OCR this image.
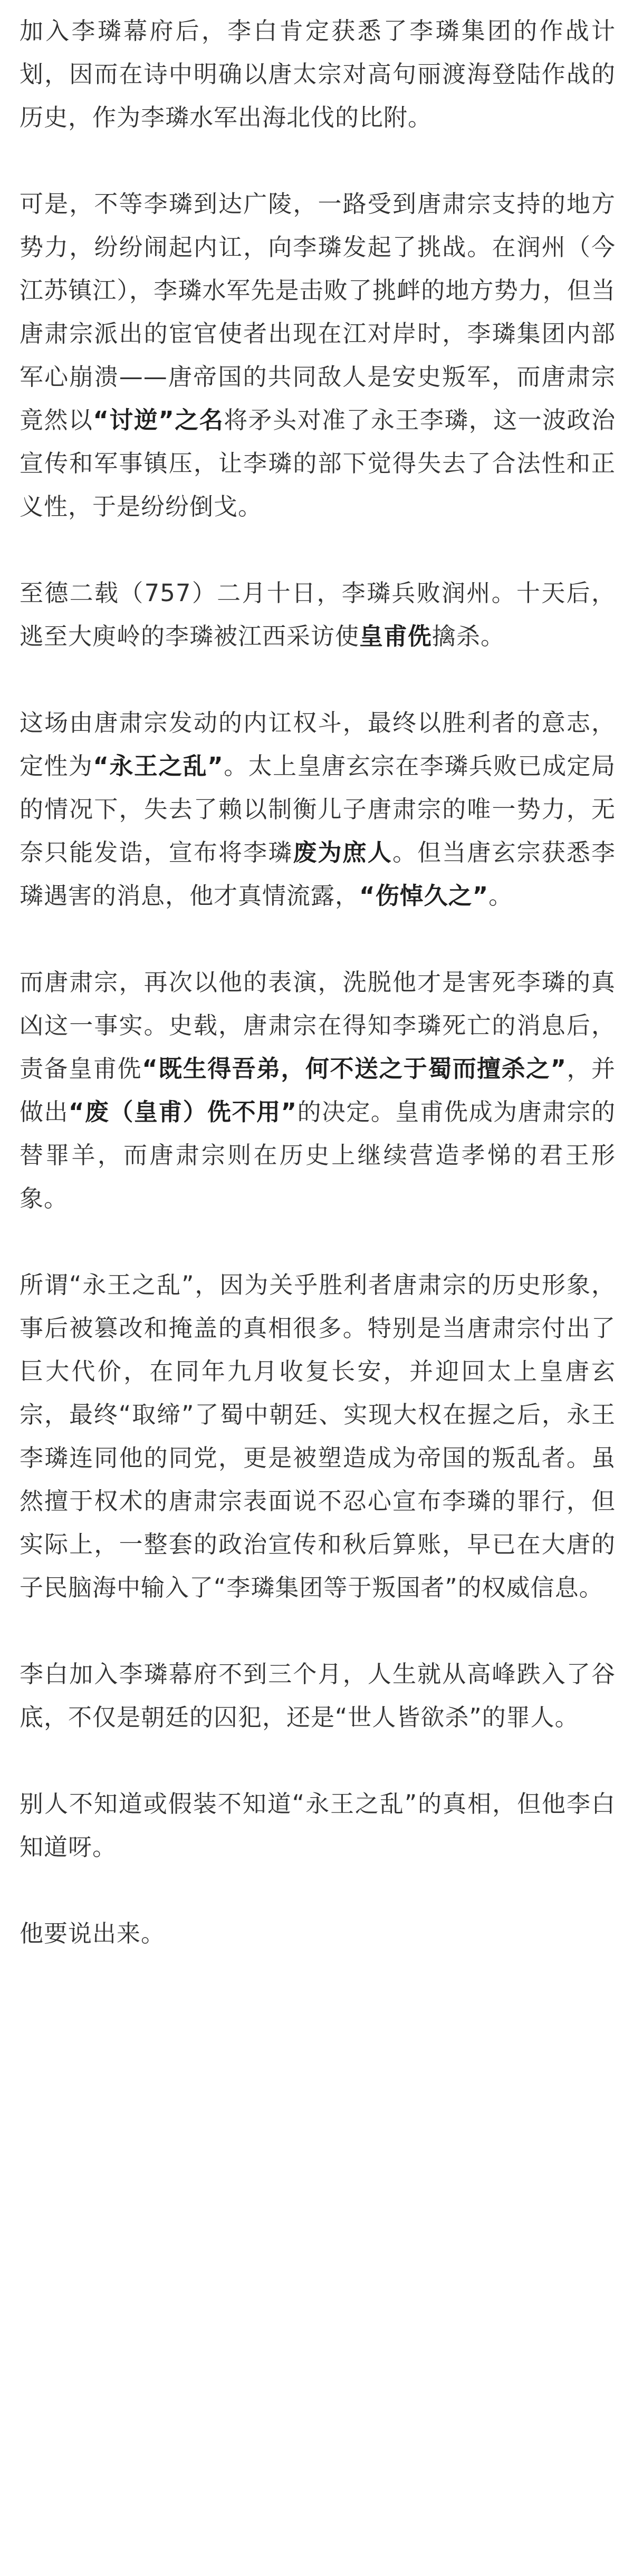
加入李璘幕府后，李白肯定获悉了李璘集团的作战计划，因而在诗中明确以唐太宗对高句丽渡海登陆作战的历史，作为李璘水军出海北伐的比附。

可是，不等李璘到达广陵，一路受到唐肃宗支持的地方势力，纷纷闹起内讧，向李璘发起了挑战。在润州（今江苏镇江），李璘水军先是击败了挑衅的地方势力，但当唐肃宗派出的宦官使者出现在江对岸时，李璘集团内部军心崩溃——唐帝国的共同敌人是安史叛军，而唐肃宗竟然以“讨逆”之名将矛头对准了永王李璘，这一波政治宣传和军事镇压，让李璘的部下觉得失去了合法性和正义性，于是纷纷倒戈。

至德二载（757）二月十日，李璘兵败润州。十天后，逃至大庾岭的李璘被江西采访使皇甫侁擒杀。

这场由唐肃宗发动的内讧权斗，最终以胜利者的意志，定性为“永王之乱”。太上皇唐玄宗在李璘兵败已成定局的情况下，失去了赖以制衡儿子唐肃宗的唯一势力，无奈只能发诰，宣布将李璘废为庶人。但当唐玄宗获悉李璘遇害的消息，他才真情流露，“伤悼久之”。

而唐肃宗，再次以他的表演，洗脱他才是害死李璘的真凶这一事实。史载，唐肃宗在得知李璘死亡的消息后，责备皇甫侁“既生得吾弟，何不送之于蜀而擅杀之”，并做出“废（皇甫）侁不用”的决定。皇甫侁成为唐肃宗的替罪羊，而唐肃宗则在历史上继续营造孝悌的君王形象。

所谓“永王之乱”，因为关乎胜利者唐肃宗的历史形象，事后被篡改和掩盖的真相很多。特别是当唐肃宗付出了巨大代价，在同年九月收复长安，并迎回太上皇唐玄宗，最终“取缔”了蜀中朝廷、实现大权在握之后，永王李璘连同他的同党，更是被塑造成为帝国的叛乱者。虽然擅于权术的唐肃宗表面说不忍心宣布李璘的罪行，但实际上，一整套的政治宣传和秋后算账，早已在大唐的子民脑海中输入了“李璘集团等于叛国者”的权威信息。

李白加入李璘幕府不到三个月，人生就从高峰跌入了谷底，不仅是朝廷的囚犯，还是“世人皆欲杀”的罪人。

别人不知道或假装不知道“永王之乱”的真相，但他李白知道呀。

他要说出来。
